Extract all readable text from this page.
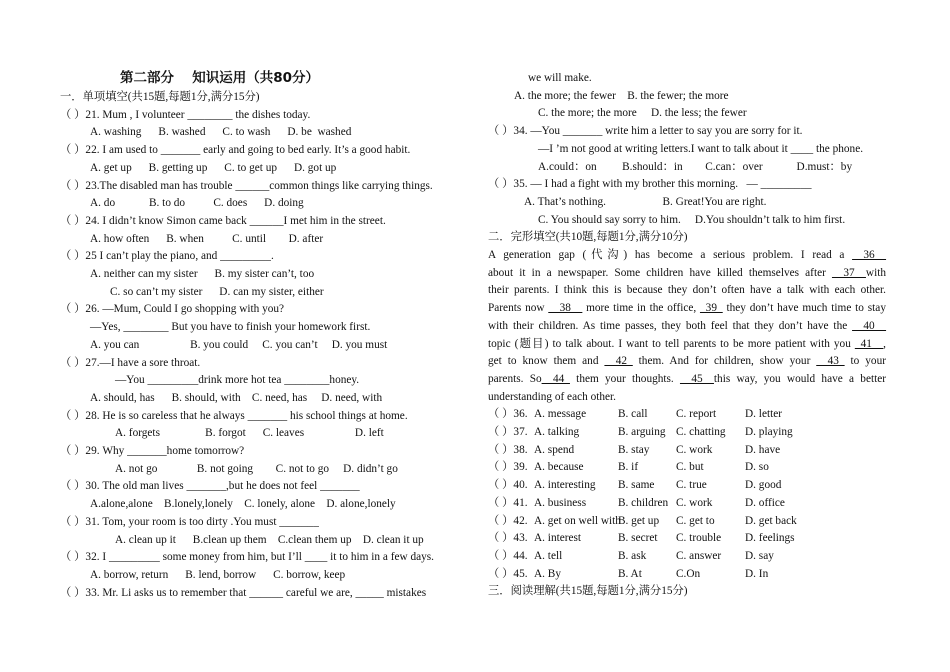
第二部分　 知识运用（共80分）
一．单项填空(共15题,每题1分,满分15分)
（ ）21. Mum , I volunteer ________ the dishes today.
A. washing      B. washed      C. to wash      D. be  washed
（ ）22. I am used to _______ early and going to bed early. It’s a good habit.
A. get up      B. getting up      C. to get up      D. got up
（ ）23.The disabled man has trouble ______common things like carrying things.
A. do            B. to do          C. does      D. doing
（ ）24. I didn’t know Simon came back ______I met him in the street.
A. how often      B. when          C. until        D. after
（ ）25 I can’t play the piano, and _________.
A. neither can my sister      B. my sister can’t, too
C. so can’t my sister      D. can my sister, either
（ ）26. —Mum, Could I go shopping with you?
—Yes, ________ But you have to finish your homework first.
A. you can                  B. you could     C. you can’t     D. you must
（ ）27.—I have a sore throat.
—You _________drink more hot tea ________honey.
A. should, has      B. should, with    C. need, has     D. need, with
（ ）28. He is so careless that he always _______ his school things at home.
A. forgets                B. forgot      C. leaves                  D. left
（ ）29. Why _______home tomorrow?
A. not go              B. not going        C. not to go     D. didn’t go
（ ）30. The old man lives _______,but he does not feel _______
A.alone,alone    B.lonely,lonely    C. lonely, alone    D. alone,lonely
（ ）31. Tom, your room is too dirty .You must _______
A. clean up it      B.clean up them    C.clean them up    D. clean it up
（ ）32. I _________ some money from him, but I’ll ____ it to him in a few days.
A. borrow, return      B. lend, borrow      C. borrow, keep
（ ）33. Mr. Li asks us to remember that ______ careful we are, _____ mistakes
we will make.
A. the more; the fewer    B. the fewer; the more
C. the more; the more     D. the less; the fewer
（ ）34. —You _______ write him a letter to say you are sorry for it.
—I ’m not good at writing letters.I want to talk about it ____ the phone.
A.could：on         B.should：in        C.can：over            D.must：by
（ ）35. — I had a fight with my brother this morning.   — _________
A. That’s nothing.                    B. Great!You are right.
C. You should say sorry to him.     D.You shouldn’t talk to him first.
二．完形填空(共10题,每题1分,满分10分)
A generation gap (代沟) has become a serious problem. I read a __36__
about it in a newspaper. Some children have killed themselves after __37__with
their parents. I think this is because they don’t often have a talk with each other.
Parents now __38__ more time in the office, _39_ they don’t have much time to stay
with their children. As time passes, they both feel that they don’t have the __40__
topic (题目) to talk about. I want to tell parents to be more patient with you _41__,
get to know them and __42_ them. And for children, show your __43_ to your
parents. So__44_ them your thoughts. __45__this way, you would have a better
understanding of each other.
（ ）36. A. message	B. call	C. report	D. letter
（ ）37. A. talking	B. arguing C. chatting D. playing
（ ）38. A. spend	B. stay C. work	D. have
（ ）39. A. because	B. if	C. but	D. so
（ ）40. A. interesting B. same C. true	D. good
（ ）41. A. business	B. children C. work	D. office
（ ）42. A. get on well with
B. get up C. get to	D. get back
（ ）43. A. interest	B. secret C. trouble D. feelings
（ ）44. A. tell	B. ask	C. answer D. say
（ ）45. A. By	B. At	C.On	D. In
三．阅读理解(共15题,每题1分,满分15分)
